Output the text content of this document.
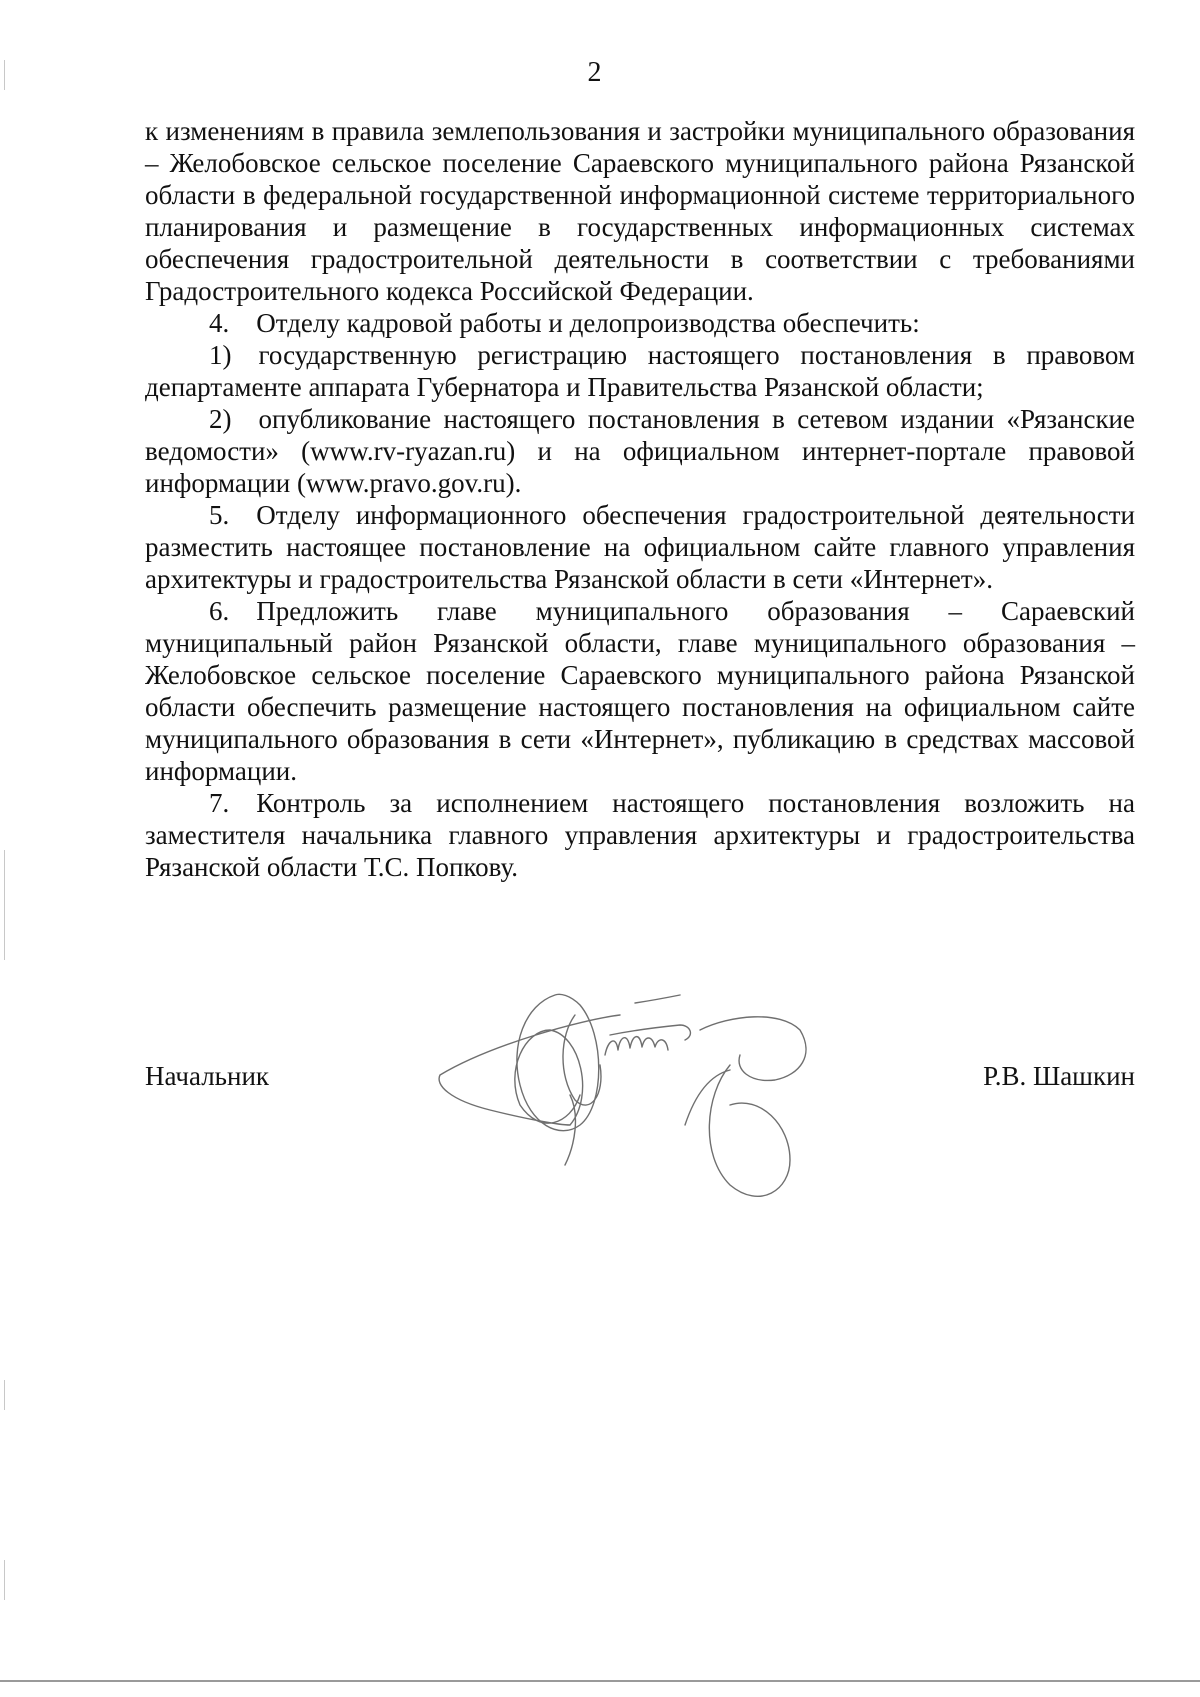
2

к изменениям в правила землепользования и застройки муниципального образования – Желобовское сельское поселение Сараевского муниципального района Рязанской области в федеральной государственной информационной системе территориального планирования и размещение в государственных информационных системах обеспечения градостроительной деятельности в соответствии с требованиями Градостроительного кодекса Российской Федерации.

4. Отделу кадровой работы и делопроизводства обеспечить:

1) государственную регистрацию настоящего постановления в правовом департаменте аппарата Губернатора и Правительства Рязанской области;

2) опубликование настоящего постановления в сетевом издании «Рязанские ведомости» (www.rv-ryazan.ru) и на официальном интернет-портале правовой информации (www.pravo.gov.ru).

5. Отделу информационного обеспечения градостроительной деятельности разместить настоящее постановление на официальном сайте главного управления архитектуры и градостроительства Рязанской области в сети «Интернет».

6. Предложить главе муниципального образования – Сараевский муниципальный район Рязанской области, главе муниципального образования – Желобовское сельское поселение Сараевского муниципального района Рязанской области обеспечить размещение настоящего постановления на официальном сайте муниципального образования в сети «Интернет», публикацию в средствах массовой информации.

7. Контроль за исполнением настоящего постановления возложить на заместителя начальника главного управления архитектуры и градостроительства Рязанской области Т.С. Попкову.

Начальник	Р.В. Шашкин
